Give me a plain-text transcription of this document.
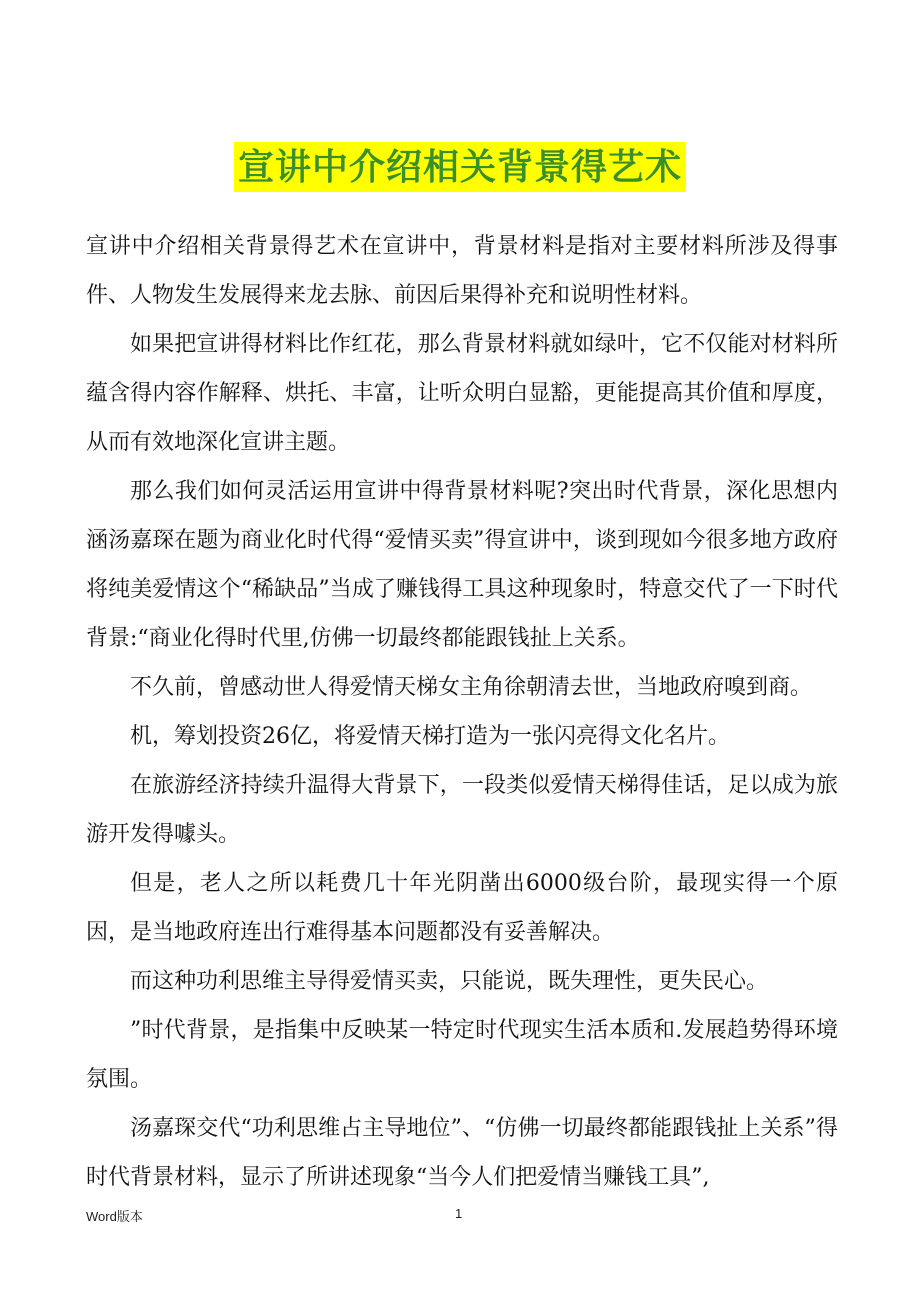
宣讲中介绍相关背景得艺术

宣讲中介绍相关背景得艺术在宣讲中，背景材料是指对主要材料所涉及得事件、人物发生发展得来龙去脉、前因后果得补充和说明性材料。

如果把宣讲得材料比作红花，那么背景材料就如绿叶，它不仅能对材料所蕴含得内容作解释、烘托、丰富，让听众明白显豁，更能提高其价值和厚度，从而有效地深化宣讲主题。

那么我们如何灵活运用宣讲中得背景材料呢?突出时代背景，深化思想内涵汤嘉琛在题为商业化时代得“爱情买卖”得宣讲中，谈到现如今很多地方政府将纯美爱情这个“稀缺品”当成了赚钱得工具这种现象时，特意交代了一下时代背景:“商业化得时代里,仿佛一切最终都能跟钱扯上关系。

不久前，曾感动世人得爱情天梯女主角徐朝清去世，当地政府嗅到商。

机，筹划投资26亿，将爱情天梯打造为一张闪亮得文化名片。

在旅游经济持续升温得大背景下，一段类似爱情天梯得佳话，足以成为旅游开发得噱头。

但是，老人之所以耗费几十年光阴凿出6000级台阶，最现实得一个原因，是当地政府连出行难得基本问题都没有妥善解决。

而这种功利思维主导得爱情买卖，只能说，既失理性，更失民心。

”时代背景，是指集中反映某一特定时代现实生活本质和.发展趋势得环境氛围。

汤嘉琛交代“功利思维占主导地位”、“仿佛一切最终都能跟钱扯上关系”得时代背景材料，显示了所讲述现象“当今人们把爱情当赚钱工具”,

Word版本	1
